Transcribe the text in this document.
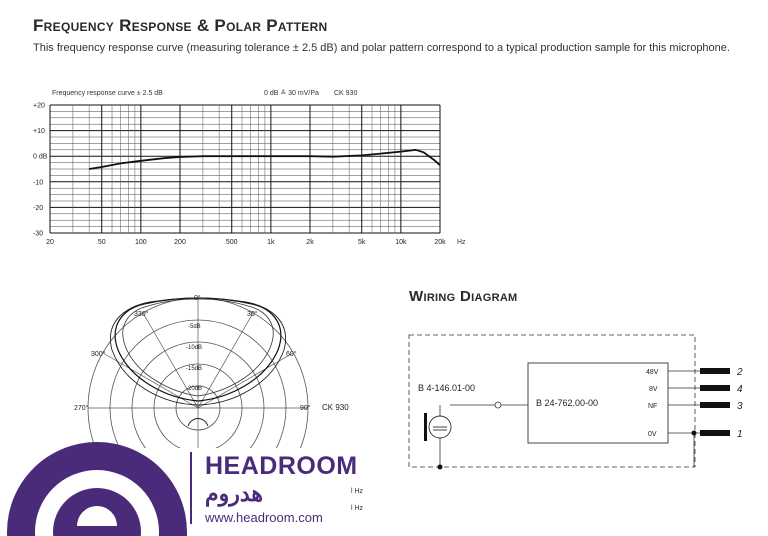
Frequency Response & Polar Pattern
This frequency response curve (measuring tolerance ± 2.5 dB) and polar pattern correspond to a typical production sample for this microphone.
Frequency response curve ± 2.5 dB	0 dB ≙ 30 mV/Pa CK 930
+20
+10
0 dB
-10
-20
-30
20	50	100	200	500	1k	2k	5k	10k	20k Hz
0°
30°
60°
90°
270°
300°
330°
-5dB
-10dB
-15dB
-20dB
CK 930
Wiring Diagram
B 24-762.00-00
B 4-146.01-00
48V
8V
NF
0V
2
4
3
1
HEADROOM
هدروم
www.headroom.com
l Hz
l Hz
